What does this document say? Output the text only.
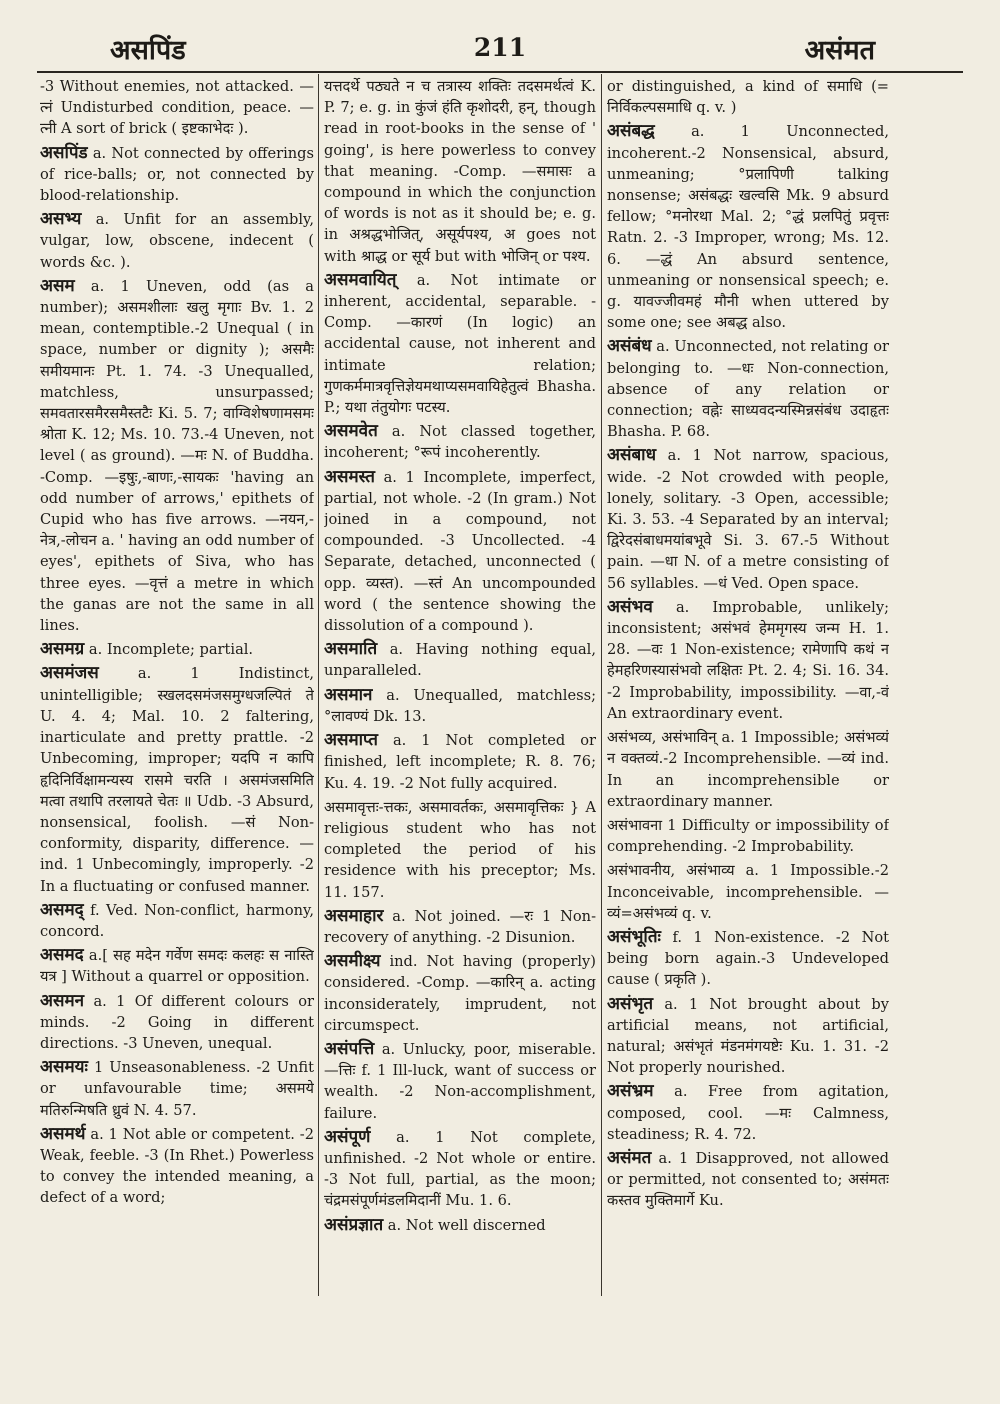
असपिंड	211	असंमत

-3 Without enemies, not attacked. —त्नं Undisturbed condition, peace. —त्नी A sort of brick ( इष्टकाभेदः ).

असपिंड a. Not connected by offerings of rice-balls; or, not connected by blood-relationship.

असभ्य a. Unfit for an assembly, vulgar, low, obscene, indecent ( words &c. ).

असम a. 1 Uneven, odd (as a number); असमशीलाः खलु मृगाः Bv. 1. 2 mean, contemptible.-2 Unequal ( in space, number or dignity ); असमैः समीयमानः Pt. 1. 74. -3 Unequalled, matchless, unsurpassed; समवतारसमैरसमैस्तटैः Ki. 5. 7; वाग्विशेषणामसमः श्रोता K. 12; Ms. 10. 73.-4 Uneven, not level ( as ground). —मः N. of Buddha. -Comp. —इषुः,-बाणः,-सायकः 'having an odd number of arrows,' epithets of Cupid who has five arrows. —नयन,-नेत्र,-लोचन a. ' having an odd number of eyes', epithets of Siva, who has three eyes. —वृत्तं a metre in which the ganas are not the same in all lines.

असमग्र a. Incomplete; partial.

असमंजस	a. 1 Indistinct, unintelligible; स्खलदसमंजसमुग्धजल्पितं ते U. 4. 4; Mal. 10. 2 faltering, inarticulate and pretty prattle. -2 Unbecoming, improper; यदपि न कापि हृदिनिर्विक्षामन्यस्य रासमे चरति । असमंजसमिति मत्वा तथापि तरलायते चेतः ॥ Udb. -3 Absurd, nonsensical, foolish. —सं Non-conformity, disparity, difference. —ind. 1 Unbecomingly, improperly. -2 In a fluctuating or confused manner.

असमद् f. Ved. Non-conflict, harmony, concord.

असमद a.[ सह मदेन गर्वेण समदः कलहः स नास्ति यत्र ] Without a quarrel or opposition.

असमन a. 1 Of different colours or minds. -2 Going in different directions. -3 Uneven, unequal.

असमयः 1 Unseasonableness. -2 Unfit or unfavourable time; असमये मतिरुन्मिषति ध्रुवं N. 4. 57.

असमर्थ a. 1 Not able or competent. -2 Weak, feeble. -3 (In Rhet.) Powerless to convey the intended meaning, a defect of a word;

यत्तदर्थे पठ्यते न च तत्रास्य शक्तिः तदसमर्थत्वं K. P. 7; e. g. in कुंजं हंति कृशोदरी, हन्, though read in root-books in the sense of ' going', is here powerless to convey that meaning. -Comp. —समासः a compound in which the conjunction of words is not as it should be; e. g. in अश्रद्धभोजित्, असूर्यपश्य, अ goes not with श्राद्ध or सूर्य but with भोजिन् or पश्य.

असमवायित् a. Not intimate or inherent, accidental, separable. -Comp. —कारणं (In logic) an accidental cause, not inherent and intimate relation; गुणकर्ममात्रवृत्तिज्ञेयमथाप्यसमवायिहेतुत्वं Bhasha. P.; यथा तंतुयोगः पटस्य.

असमवेत a. Not classed together, incoherent; °रूपं incoherently.

असमस्त a. 1 Incomplete, imperfect, partial, not whole. -2 (In gram.) Not joined in a compound, not compounded. -3 Uncollected. -4 Separate, detached, unconnected ( opp. व्यस्त). —स्तं An uncompounded word ( the sentence showing the dissolution of a compound ).

असमाति a. Having nothing equal, unparalleled.

असमान a. Unequalled, matchless; °लावण्यं Dk. 13.

असमाप्त a. 1 Not completed or finished, left incomplete; R. 8. 76; Ku. 4. 19. -2 Not fully acquired.

असमावृत्तः-त्तकः, असमावर्तकः, असमावृत्तिकः } A religious student who has not completed the period of his residence with his preceptor; Ms. 11. 157.

असमाहार a. Not joined. —रः 1 Non-recovery of anything. -2 Disunion.

असमीक्ष्य ind. Not having (properly) considered. -Comp. —कारिन् a. acting inconsiderately, imprudent, not circumspect.

असंपत्ति a. Unlucky, poor, miserable. —त्तिः f. 1 Ill-luck, want of success or wealth. -2 Non-accomplishment, failure.

असंपूर्ण a. 1 Not complete, unfinished. -2 Not whole or entire. -3 Not full, partial, as the moon; चंद्रमसंपूर्णमंडलमिदानीं Mu. 1. 6.

असंप्रज्ञात a. Not well discerned

or distinguished, a kind of समाधि (= निर्विकल्पसमाधि q. v. )

असंबद्ध a. 1 Unconnected, incoherent.-2 Nonsensical, absurd, unmeaning; °प्रलापिणी talking nonsense; असंबद्धः खल्वसि Mk. 9 absurd fellow; °मनोरथा Mal. 2; °द्धं प्रलपितुं प्रवृत्तः Ratn. 2. -3 Improper, wrong; Ms. 12. 6. —द्धं An absurd sentence, unmeaning or nonsensical speech; e. g. यावज्जीवमहं मौनी when uttered by some one; see अबद्ध also.

असंबंध a. Unconnected, not relating or belonging to. —धः Non-connection, absence of any relation or connection; वह्नेः साध्यवदन्यस्मिन्नसंबंध उदाहृतः Bhasha. P. 68.

असंबाध a. 1 Not narrow, spacious, wide. -2 Not crowded with people, lonely, solitary. -3 Open, accessible; Ki. 3. 53. -4 Separated by an interval; द्विरेदसंबाधमयांबभूवे Si. 3. 67.-5 Without pain. —धा N. of a metre consisting of 56 syllables. —धं Ved. Open space.

असंभव a. Improbable, unlikely; inconsistent; असंभवं हेममृगस्य जन्म H. 1. 28. —वः 1 Non-existence; रामेणापि कथं न हेमहरिणस्यासंभवो लक्षितः Pt. 2. 4; Si. 16. 34. -2 Improbability, impossibility. —वा,-वं An extraordinary event.

असंभव्य, असंभाविन् a. 1 Impossible; असंभव्यं न वक्तव्यं.-2 Incomprehensible. —व्यं ind. In an incomprehensible or extraordinary manner.

असंभावना 1 Difficulty or impossibility of comprehending. -2 Improbability.

असंभावनीय, असंभाव्य a. 1 Impossible.-2 Inconceivable, incomprehensible. —व्यं=असंभव्यं q. v.

असंभूतिः f. 1 Non-existence. -2 Not being born again.-3 Undeveloped cause ( प्रकृति ).

असंभृत a. 1 Not brought about by artificial means, not artificial, natural; असंभृतं मंडनमंगयष्टेः Ku. 1. 31. -2 Not properly nourished.

असंभ्रम a. Free from agitation, composed, cool. —मः Calmness, steadiness; R. 4. 72.

असंमत a. 1 Disapproved, not allowed or permitted, not consented to; असंमतः कस्तव मुक्तिमार्गे Ku.
